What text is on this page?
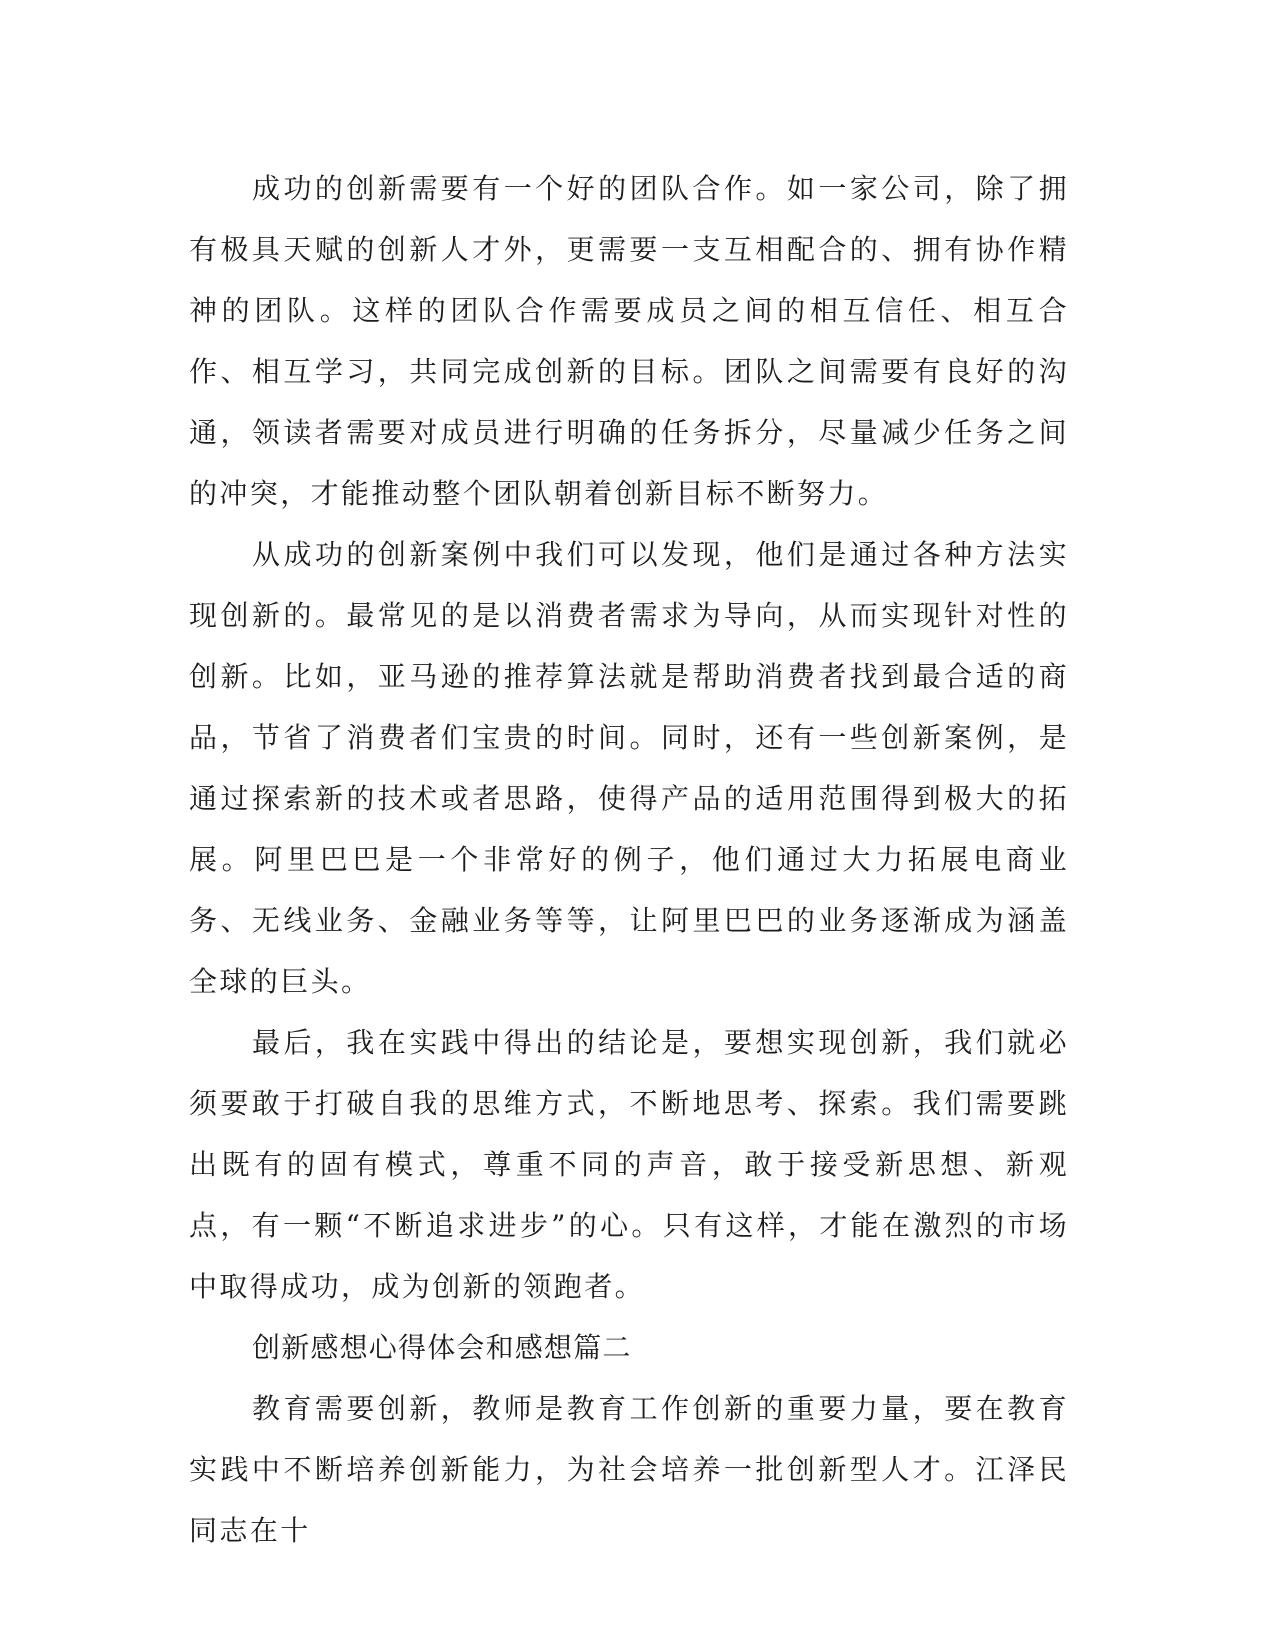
成功的创新需要有一个好的团队合作。如一家公司，除了拥有极具天赋的创新人才外，更需要一支互相配合的、拥有协作精神的团队。这样的团队合作需要成员之间的相互信任、相互合作、相互学习，共同完成创新的目标。团队之间需要有良好的沟通，领读者需要对成员进行明确的任务拆分，尽量减少任务之间的冲突，才能推动整个团队朝着创新目标不断努力。

从成功的创新案例中我们可以发现，他们是通过各种方法实现创新的。最常见的是以消费者需求为导向，从而实现针对性的创新。比如，亚马逊的推荐算法就是帮助消费者找到最合适的商品，节省了消费者们宝贵的时间。同时，还有一些创新案例，是通过探索新的技术或者思路，使得产品的适用范围得到极大的拓展。阿里巴巴是一个非常好的例子，他们通过大力拓展电商业务、无线业务、金融业务等等，让阿里巴巴的业务逐渐成为涵盖全球的巨头。

最后，我在实践中得出的结论是，要想实现创新，我们就必须要敢于打破自我的思维方式，不断地思考、探索。我们需要跳出既有的固有模式，尊重不同的声音，敢于接受新思想、新观点，有一颗“不断追求进步”的心。只有这样，才能在激烈的市场中取得成功，成为创新的领跑者。

创新感想心得体会和感想篇二

教育需要创新，教师是教育工作创新的重要力量，要在教育实践中不断培养创新能力，为社会培养一批创新型人才。江泽民同志在十
